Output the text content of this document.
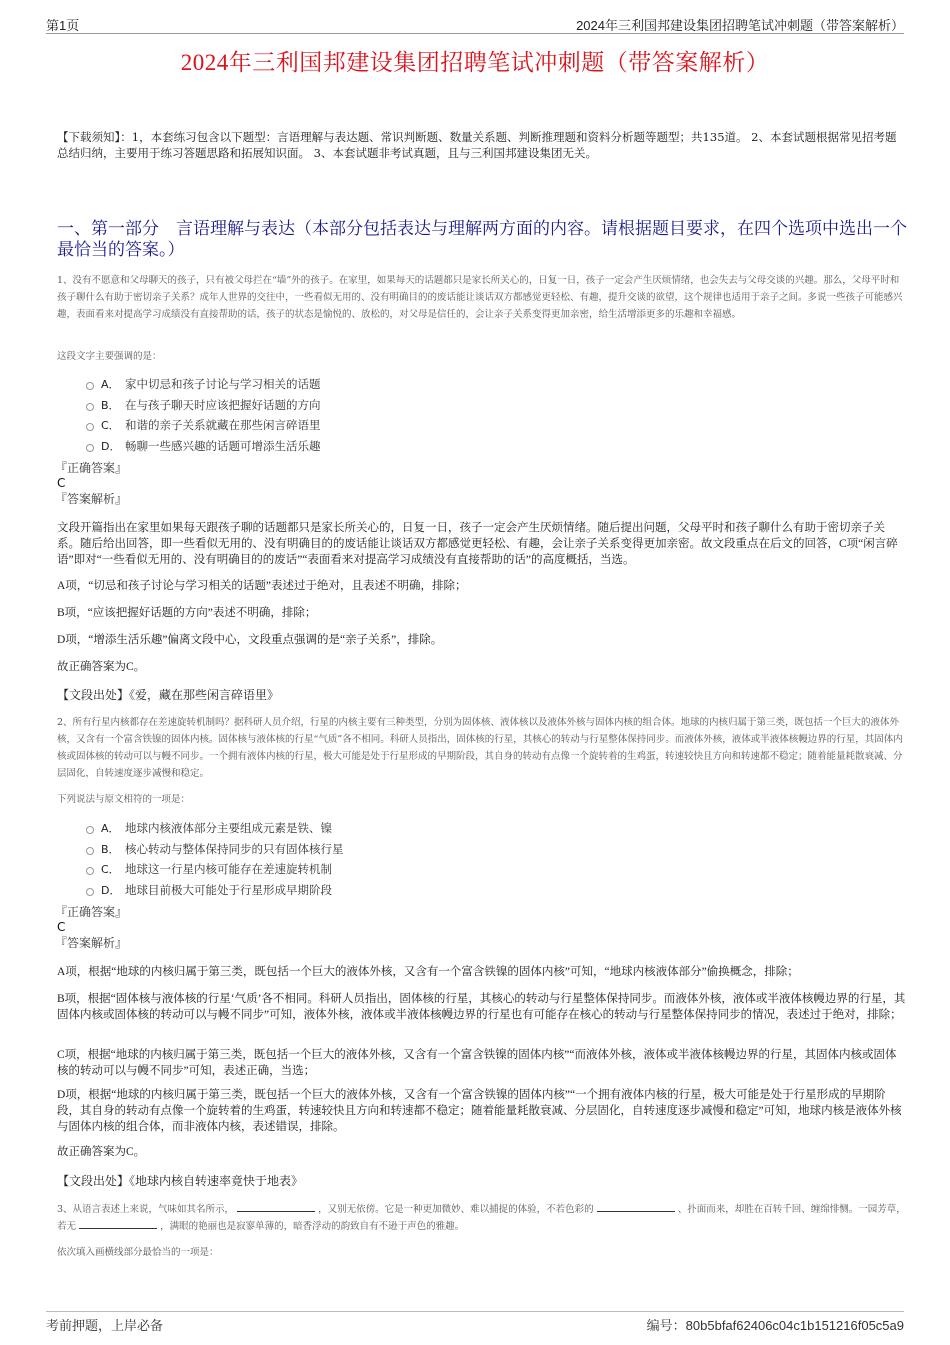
第1页	2024年三利国邦建设集团招聘笔试冲刺题（带答案解析）
2024年三利国邦建设集团招聘笔试冲刺题（带答案解析）
【下载须知】：1，本套练习包含以下题型：言语理解与表达题、常识判断题、数量关系题、判断推理题和资料分析题等题型；共135道。 2、本套试题根据常见招考题总结归纳，主要用于练习答题思路和拓展知识面。 3、本套试题非考试真题，且与三利国邦建设集团无关。
一、第一部分　言语理解与表达（本部分包括表达与理解两方面的内容。请根据题目要求，在四个选项中选出一个最恰当的答案。）

1、没有不愿意和父母聊天的孩子，只有被父母拦在“墙”外的孩子。在家里，如果每天的话题都只是家长所关心的，日复一日，孩子一定会产生厌烦情绪，也会失去与父母交谈的兴趣。那么，父母平时和孩子聊什么有助于密切亲子关系？成年人世界的交往中，一些看似无用的、没有明确目的的废话能让谈话双方都感觉更轻松、有趣，提升交谈的欲望，这个规律也适用于亲子之间。多说一些孩子可能感兴趣，表面看来对提高学习成绩没有直接帮助的话，孩子的状态是愉悦的、放松的，对父母是信任的，会让亲子关系变得更加亲密，给生活增添更多的乐趣和幸福感。

这段文字主要强调的是：

A． 家中切忌和孩子讨论与学习相关的话题
B． 在与孩子聊天时应该把握好话题的方向
C． 和谐的亲子关系就藏在那些闲言碎语里
D． 畅聊一些感兴趣的话题可增添生活乐趣
『正确答案』
C
『答案解析』

文段开篇指出在家里如果每天跟孩子聊的话题都只是家长所关心的，日复一日，孩子一定会产生厌烦情绪。随后提出问题，父母平时和孩子聊什么有助于密切亲子关系。随后给出回答，即一些看似无用的、没有明确目的的废话能让谈话双方都感觉更轻松、有趣，会让亲子关系变得更加亲密。故文段重点在后文的回答，C项“闲言碎语”即对“一些看似无用的、没有明确目的的废话”“表面看来对提高学习成绩没有直接帮助的话”的高度概括，当选。

A项，“切忌和孩子讨论与学习相关的话题”表述过于绝对，且表述不明确，排除；

B项，“应该把握好话题的方向”表述不明确，排除；

D项，“增添生活乐趣”偏离文段中心，文段重点强调的是“亲子关系”，排除。

故正确答案为C。

【文段出处】《爱，藏在那些闲言碎语里》

2、所有行星内核都存在差速旋转机制吗？据科研人员介绍，行星的内核主要有三种类型，分别为固体核、液体核以及液体外核与固体内核的组合体。地球的内核归属于第三类，既包括一个巨大的液体外核，又含有一个富含铁镍的固体内核。固体核与液体核的行星“气质”各不相同。科研人员指出，固体核的行星，其核心的转动与行星整体保持同步。而液体外核，液体或半液体核幔边界的行星，其固体内核或固体核的转动可以与幔不同步。一个拥有液体内核的行星，极大可能是处于行星形成的早期阶段，其自身的转动有点像一个旋转着的生鸡蛋，转速较快且方向和转速都不稳定；随着能量耗散衰减、分层固化，自转速度逐步减慢和稳定。

下列说法与原文相符的一项是：

A． 地球内核液体部分主要组成元素是铁、镍
B． 核心转动与整体保持同步的只有固体核行星
C． 地球这一行星内核可能存在差速旋转机制
D． 地球目前极大可能处于行星形成早期阶段
『正确答案』
C
『答案解析』

A项，根据“地球的内核归属于第三类，既包括一个巨大的液体外核，又含有一个富含铁镍的固体内核”可知，“地球内核液体部分”偷换概念，排除；

B项，根据“固体核与液体核的行星‘气质’各不相同。科研人员指出，固体核的行星，其核心的转动与行星整体保持同步。而液体外核，液体或半液体核幔边界的行星，其固体内核或固体核的转动可以与幔不同步”可知，液体外核，液体或半液体核幔边界的行星也有可能存在核心的转动与行星整体保持同步的情况，表述过于绝对，排除；

C项，根据“地球的内核归属于第三类，既包括一个巨大的液体外核，又含有一个富含铁镍的固体内核”“而液体外核，液体或半液体核幔边界的行星，其固体内核或固体核的转动可以与幔不同步”可知，表述正确，当选；

D项，根据“地球的内核归属于第三类，既包括一个巨大的液体外核，又含有一个富含铁镍的固体内核”“一个拥有液体内核的行星，极大可能是处于行星形成的早期阶段，其自身的转动有点像一个旋转着的生鸡蛋，转速较快且方向和转速都不稳定；随着能量耗散衰减、分层固化，自转速度逐步减慢和稳定”可知，地球内核是液体外核与固体内核的组合体，而非液体内核，表述错误，排除。

故正确答案为C。

【文段出处】《地球内核自转速率竟快于地表》

3、从语言表述上来说，气味如其名所示，	，又别无依傍。它是一种更加微妙、难以捕捉的体验，不若色彩的	、扑面而来，却胜在百转千回、缠绵悱恻。一园芳草，若无	，满眼的艳丽也是寂寥单薄的，暗香浮动的韵致自有不逊于声色的雅趣。

依次填入画横线部分最恰当的一项是：

考前押题，上岸必备	编号：80b5bfaf62406c04c1b151216f05c5a9
